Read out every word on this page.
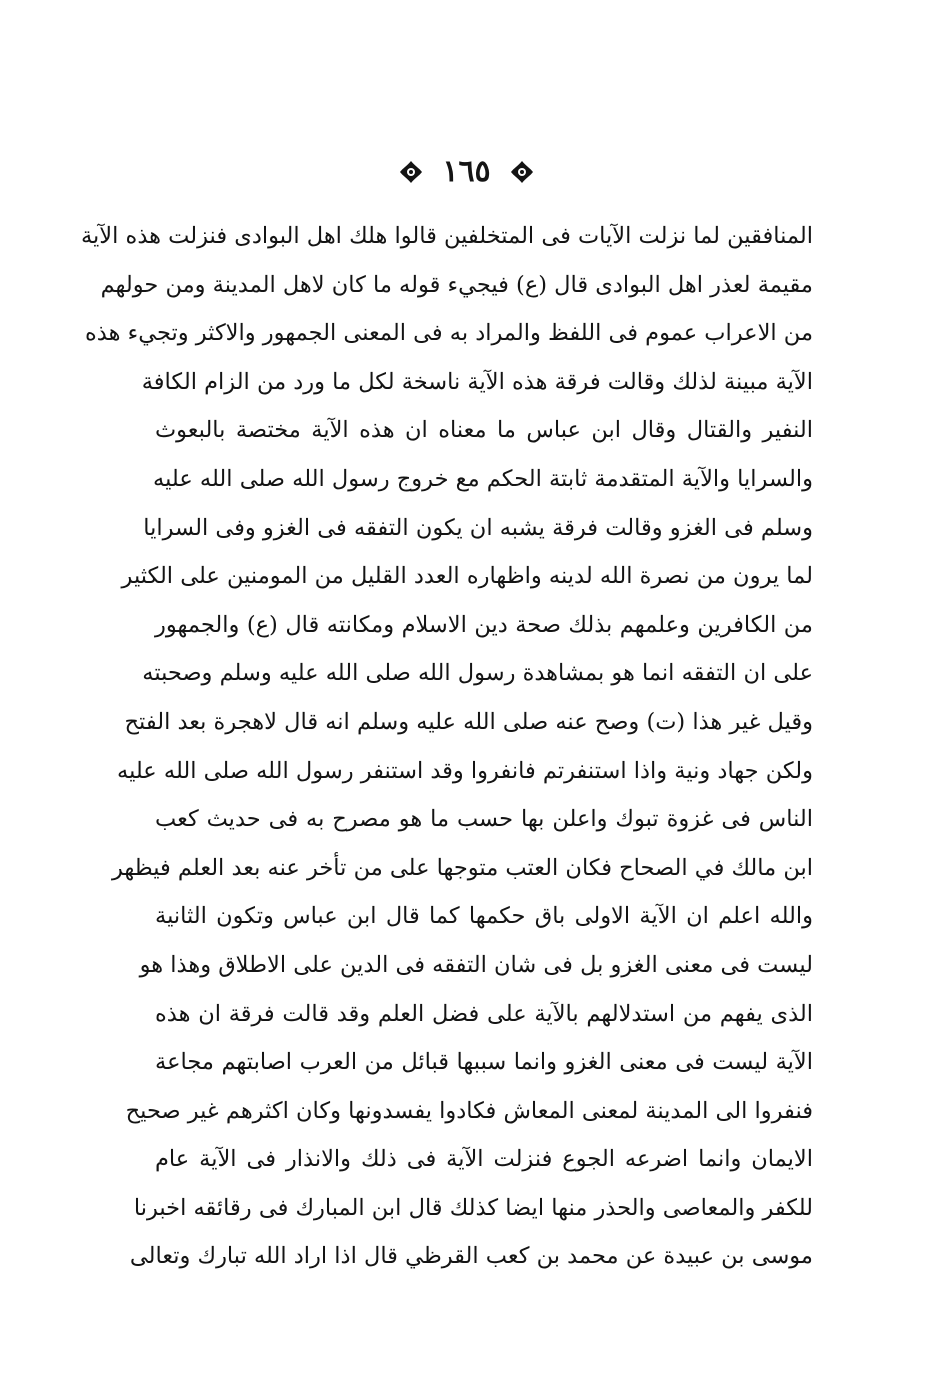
١٦٥
المنافقين لما نزلت الآيات فى المتخلفين قالوا هلك اهل البوادى فنزلت هذه الآية
مقيمة لعذر اهل البوادى قال (ع) فيجيء قوله ما كان لاهل المدينة ومن حولهم
من الاعراب عموم فى اللفظ والمراد به فى المعنى الجمهور والاكثر وتجيء هذه
الآية مبينة لذلك وقالت فرقة هذه الآية ناسخة لكل ما ورد من الزام الكافة
النفير والقتال وقال ابن عباس ما معناه ان هذه الآية مختصة بالبعوث
والسرايا والآية المتقدمة ثابتة الحكم مع خروج رسول الله صلى الله عليه
وسلم فى الغزو وقالت فرقة يشبه ان يكون التفقه فى الغزو وفى السرايا
لما يرون من نصرة الله لدينه واظهاره العدد القليل من المومنين على الكثير
من الكافرين وعلمهم بذلك صحة دين الاسلام ومكانته قال (ع) والجمهور
على ان التفقه انما هو بمشاهدة رسول الله صلى الله عليه وسلم وصحبته
وقيل غير هذا (ت) وصح عنه صلى الله عليه وسلم انه قال لاهجرة بعد الفتح
ولكن جهاد ونية واذا استنفرتم فانفروا وقد استنفر رسول الله صلى الله عليه
الناس فى غزوة تبوك واعلن بها حسب ما هو مصرح به فى حديث كعب
ابن مالك في الصحاح فكان العتب متوجها على من تأخر عنه بعد العلم فيظهر
والله اعلم ان الآية الاولى باق حكمها كما قال ابن عباس وتكون الثانية
ليست فى معنى الغزو بل فى شان التفقه فى الدين على الاطلاق وهذا هو
الذى يفهم من استدلالهم بالآية على فضل العلم وقد قالت فرقة ان هذه
الآية ليست فى معنى الغزو وانما سببها قبائل من العرب اصابتهم مجاعة
فنفروا الى المدينة لمعنى المعاش فكادوا يفسدونها وكان اكثرهم غير صحيح
الايمان وانما اضرعه الجوع فنزلت الآية فى ذلك والانذار فى الآية عام
للكفر والمعاصى والحذر منها ايضا كذلك قال ابن المبارك فى رقائقه اخبرنا
موسى بن عبيدة عن محمد بن كعب القرظي قال اذا اراد الله تبارك وتعالى
